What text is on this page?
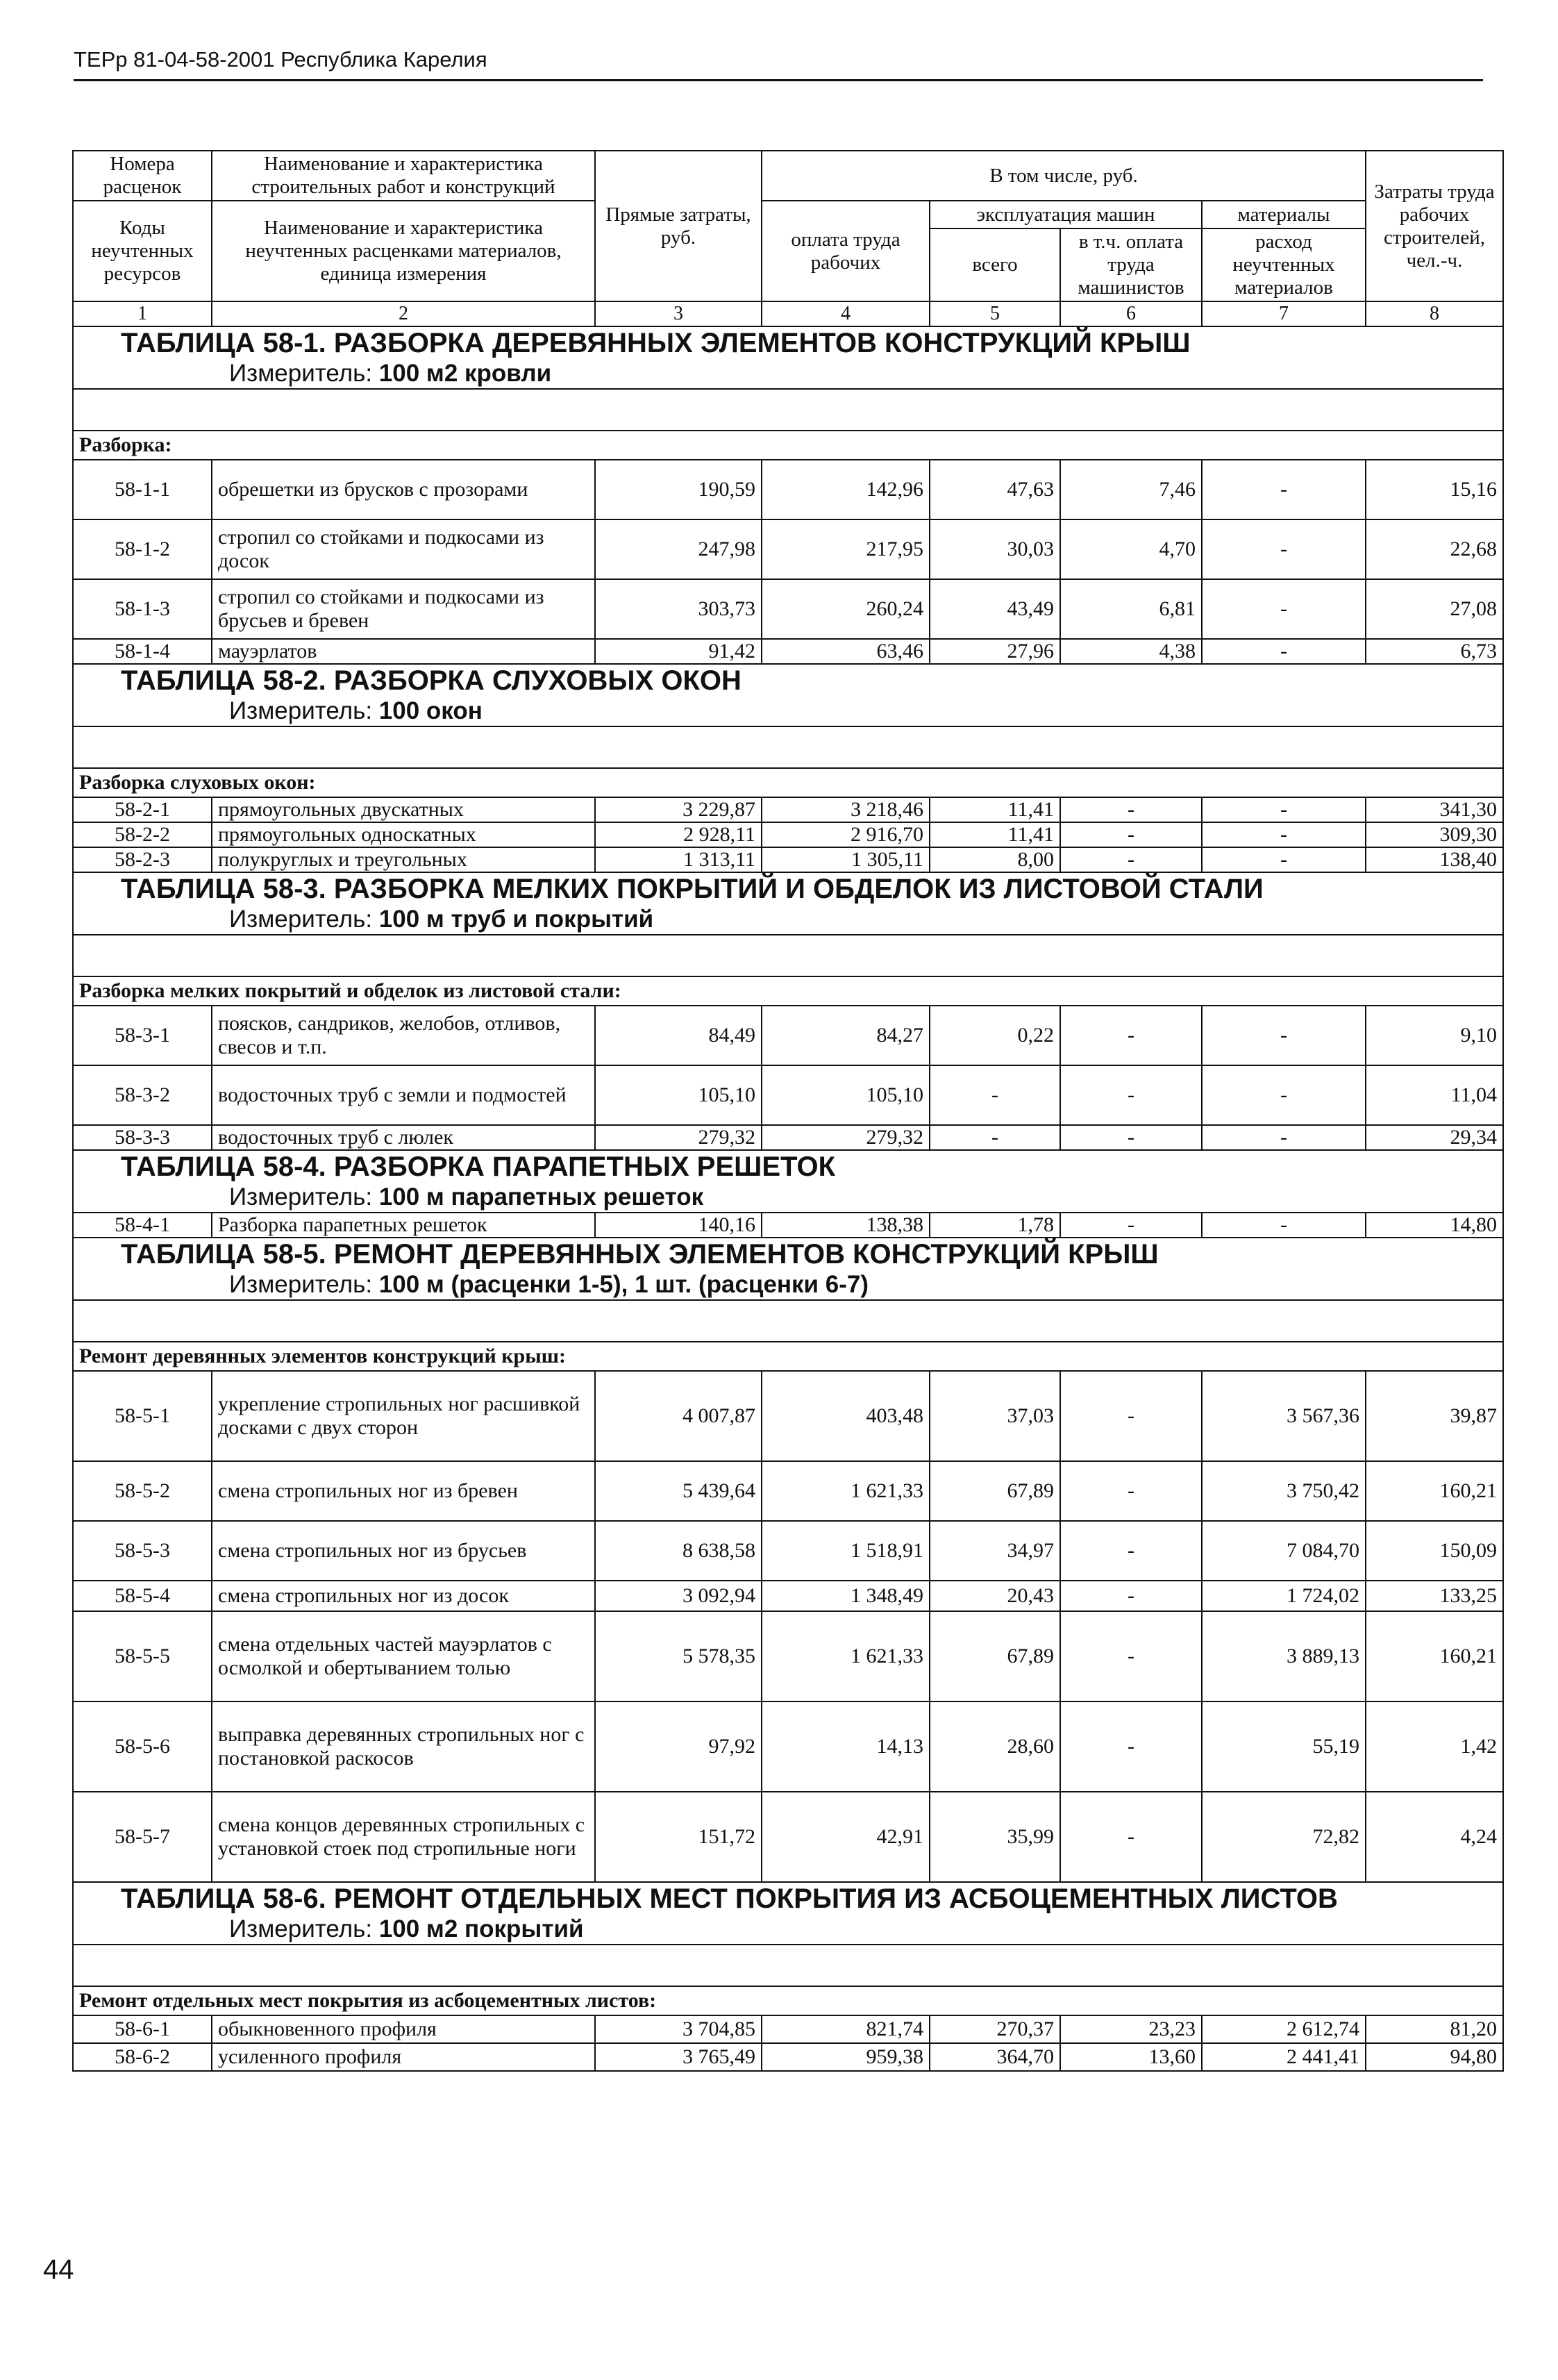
ТЕРр 81-04-58-2001 Республика Карелия
Номера расценок	Наименование и характеристика строительных работ и конструкций	Прямые затраты, руб.	В том числе, руб.				Затраты труда рабочих строителей, чел.-ч.
Коды неучтенных ресурсов	Наименование и характеристика неучтенных расценками материалов, единица измерения		оплата труда рабочих	эксплуатация машин		материалы	
				всего	в т.ч. оплата труда машинистов	расход неучтенных материалов	

1	2	3	4	5	6	7	8

ТАБЛИЦА 58-1. РАЗБОРКА ДЕРЕВЯННЫХ ЭЛЕМЕНТОВ КОНСТРУКЦИЙ КРЫШ
Измеритель: 100 м2 кровли							

Разборка:							
58-1-1	обрешетки из брусков с прозорами	190,59	142,96	47,63	7,46	-	15,16
58-1-2	стропил со стойками и подкосами из досок	247,98	217,95	30,03	4,70	-	22,68
58-1-3	стропил со стойками и подкосами из брусьев и бревен	303,73	260,24	43,49	6,81	-	27,08
58-1-4	мауэрлатов	91,42	63,46	27,96	4,38	-	6,73

ТАБЛИЦА 58-2. РАЗБОРКА СЛУХОВЫХ ОКОН
Измеритель: 100 окон							

Разборка слуховых окон:							
58-2-1	прямоугольных двускатных	3 229,87	3 218,46	11,41	-	-	341,30
58-2-2	прямоугольных односкатных	2 928,11	2 916,70	11,41	-	-	309,30
58-2-3	полукруглых и треугольных	1 313,11	1 305,11	8,00	-	-	138,40

ТАБЛИЦА 58-3. РАЗБОРКА МЕЛКИХ ПОКРЫТИЙ И ОБДЕЛОК ИЗ ЛИСТОВОЙ СТАЛИ
Измеритель: 100 м труб и покрытий							

Разборка мелких покрытий и обделок из листовой стали:							
58-3-1	поясков, сандриков, желобов, отливов, свесов и т.п.	84,49	84,27	0,22	-	-	9,10
58-3-2	водосточных труб с земли и подмостей	105,10	105,10	-	-	-	11,04
58-3-3	водосточных труб с люлек	279,32	279,32	-	-	-	29,34

ТАБЛИЦА 58-4. РАЗБОРКА ПАРАПЕТНЫХ РЕШЕТОК
Измеритель: 100 м парапетных решеток							

58-4-1	Разборка парапетных решеток	140,16	138,38	1,78	-	-	14,80

ТАБЛИЦА 58-5. РЕМОНТ ДЕРЕВЯННЫХ ЭЛЕМЕНТОВ КОНСТРУКЦИЙ КРЫШ
Измеритель: 100 м (расценки 1-5), 1 шт. (расценки 6-7)							

Ремонт деревянных элементов конструкций крыш:							
58-5-1	укрепление стропильных ног расшивкой досками с двух сторон	4 007,87	403,48	37,03	-	3 567,36	39,87
58-5-2	смена стропильных ног из бревен	5 439,64	1 621,33	67,89	-	3 750,42	160,21
58-5-3	смена стропильных ног из брусьев	8 638,58	1 518,91	34,97	-	7 084,70	150,09
58-5-4	смена стропильных ног из досок	3 092,94	1 348,49	20,43	-	1 724,02	133,25
58-5-5	смена отдельных частей мауэрлатов с осмолкой и обертыванием толью	5 578,35	1 621,33	67,89	-	3 889,13	160,21
58-5-6	выправка деревянных стропильных ног с постановкой раскосов	97,92	14,13	28,60	-	55,19	1,42
58-5-7	смена концов деревянных стропильных с установкой стоек под стропильные ноги	151,72	42,91	35,99	-	72,82	4,24

ТАБЛИЦА 58-6. РЕМОНТ ОТДЕЛЬНЫХ МЕСТ ПОКРЫТИЯ ИЗ АСБОЦЕМЕНТНЫХ ЛИСТОВ
Измеритель: 100 м2 покрытий							

Ремонт отдельных мест покрытия из асбоцементных листов:							
58-6-1	обыкновенного профиля	3 704,85	821,74	270,37	23,23	2 612,74	81,20
58-6-2	усиленного профиля	3 765,49	959,38	364,70	13,60	2 441,41	94,80
44
